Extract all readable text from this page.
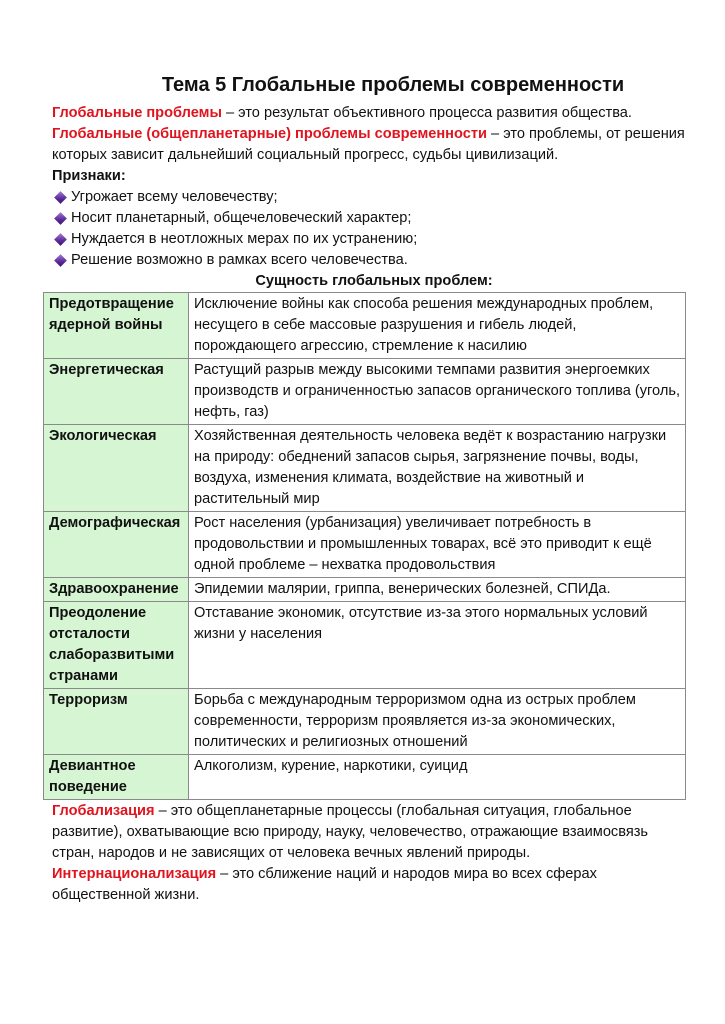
Тема 5 Глобальные проблемы современности

Глобальные проблемы – это результат объективного процесса развития общества.

Глобальные (общепланетарные) проблемы современности – это проблемы, от решения которых зависит дальнейший социальный прогресс, судьбы цивилизаций.

Признаки:

Угрожает всему человечеству;
Носит планетарный, общечеловеческий характер;
Нуждается в неотложных мерах по их устранению;
Решение возможно в рамках всего человечества.

Сущность глобальных проблем:

Предотвращение ядерной войны	Исключение войны как способа решения международных проблем, несущего в себе массовые разрушения и гибель людей, порождающего агрессию, стремление к насилию
Энергетическая	Растущий разрыв между высокими темпами развития энергоемких производств и ограниченностью запасов органического топлива (уголь, нефть, газ)
Экологическая	Хозяйственная деятельность человека ведёт к возрастанию нагрузки на природу: обеднений запасов сырья, загрязнение почвы, воды, воздуха, изменения климата, воздействие на животный и растительный мир
Демографическая	Рост населения (урбанизация) увеличивает потребность в продовольствии и промышленных товарах, всё это приводит к ещё одной проблеме – нехватка продовольствия
Здравоохранение	Эпидемии малярии, гриппа, венерических болезней, СПИДа.
Преодоление отсталости слаборазвитыми странами	Отставание экономик, отсутствие из-за этого нормальных условий жизни у населения
Терроризм	Борьба с международным терроризмом одна из острых проблем современности, терроризм проявляется из-за экономических, политических и религиозных отношений
Девиантное поведение	Алкоголизм, курение, наркотики, суицид

Глобализация – это общепланетарные процессы (глобальная ситуация, глобальное развитие), охватывающие всю природу, науку, человечество, отражающие взаимосвязь стран, народов и не зависящих от человека вечных явлений природы.

Интернационализация – это сближение наций и народов мира во всех сферах общественной жизни.
